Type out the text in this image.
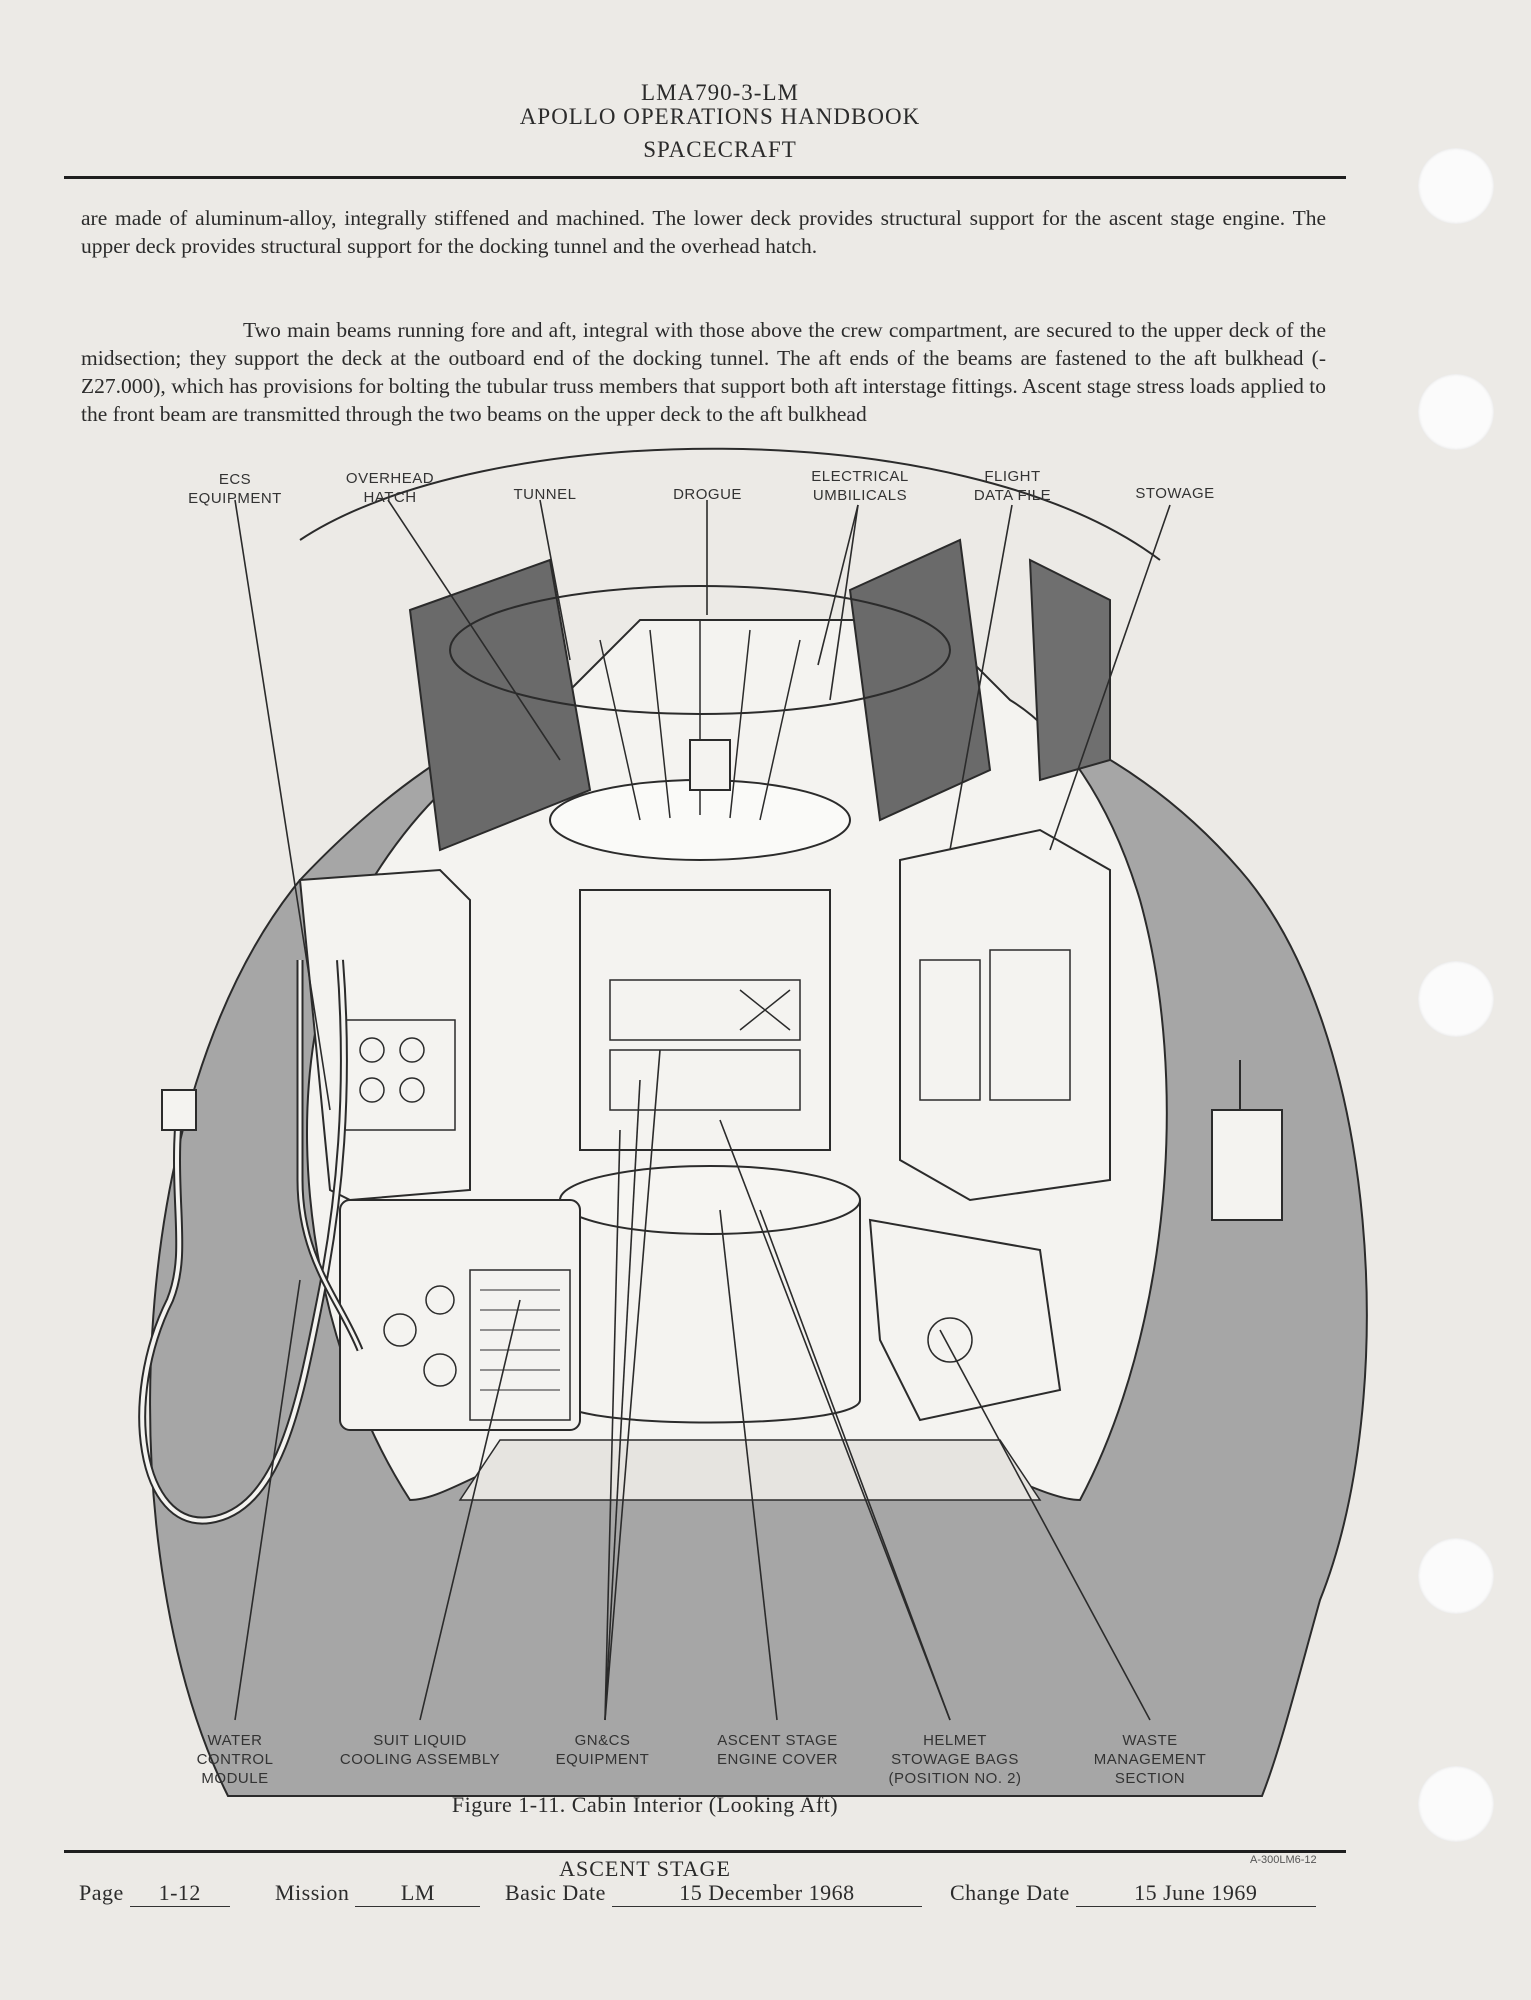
LMA790-3-LM
APOLLO OPERATIONS HANDBOOK
SPACECRAFT

are made of aluminum-alloy, integrally stiffened and machined. The lower deck provides structural support for the ascent stage engine. The upper deck provides structural support for the docking tunnel and the overhead hatch.

Two main beams running fore and aft, integral with those above the crew compartment, are secured to the upper deck of the midsection; they support the deck at the outboard end of the docking tunnel. The aft ends of the beams are fastened to the aft bulkhead (-Z27.000), which has provisions for bolting the tubular truss members that support both aft interstage fittings. Ascent stage stress loads applied to the front beam are transmitted through the two beams on the upper deck to the aft bulkhead

ECS
EQUIPMENT
OVERHEAD
HATCH	TUNNEL	DROGUE
ELECTRICAL
UMBILICALS
FLIGHT
DATA FILE	STOWAGE
WATER
CONTROL
MODULE
SUIT LIQUID
COOLING ASSEMBLY
GN&CS
EQUIPMENT
ASCENT STAGE
ENGINE COVER
HELMET
STOWAGE BAGS
(POSITION NO. 2)
WASTE
MANAGEMENT
SECTION
A-300LM6-12
Figure 1-11. Cabin Interior (Looking Aft)
ASCENT STAGE
Page 1-12	Mission LM	Basic Date	15 December 1968	Change Date	15 June 1969
